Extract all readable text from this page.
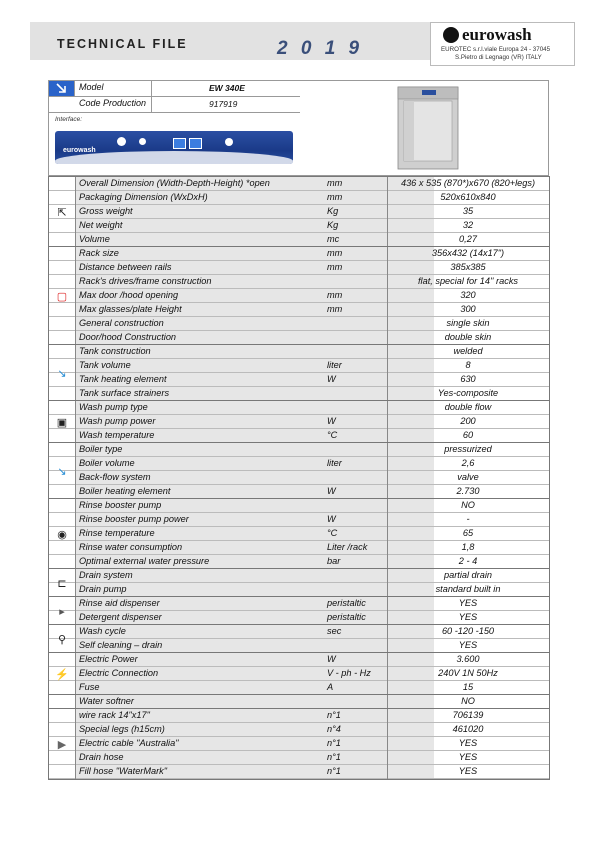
TECHNICAL FILE	2 0 1 9
eurowash
EUROTEC s.r.l.viale Europa 24 - 37045
S.Pietro di Legnago (VR) ITALY
Model	EW 340E
Code Production	917919
Interface:
eurowash
Overall Dimension (Width-Depth-Height) *open	mm	436 x 535 (870*)x670 (820+legs)
Packaging Dimension (WxDxH)	mm	520x610x840
Gross weight	Kg	35
Net weight	Kg	32
Volume	mc	0,27
Rack size	mm	356x432 (14x17")
Distance between rails	mm	385x385
Rack's drives/frame construction	flat, special for 14'' racks
Max door /hood opening	mm	320
Max glasses/plate Height	mm	300
General construction	single skin
Door/hood Construction	double skin
Tank construction	welded
Tank volume	liter	8
Tank heating element	W	630
Tank surface strainers	Yes-composite
Wash pump type	double flow
Wash pump power	W	200
Wash temperature	°C	60
Boiler type	pressurized
Boiler volume	liter	2,6
Back-flow system	valve
Boiler heating element	W	2.730
Rinse booster pump	NO
Rinse booster pump power	W	-
Rinse temperature	°C	65
Rinse water consumption	Liter /rack	1,8
Optimal external water pressure	bar	2 - 4
Drain system	partial drain
Drain pump	standard built in
Rinse aid dispenser	peristaltic	YES
Detergent dispenser	peristaltic	YES
Wash cycle	sec	60 -120 -150
Self cleaning – drain	YES
Electric Power	W	3.600
Electric Connection	V - ph - Hz	240V 1N 50Hz
Fuse	A	15
Water softner	NO
wire rack 14"x17"	n°1	706139
Special legs (h15cm)	n°4	461020
Electric cable "Australia"	n°1	YES
Drain hose	n°1	YES
Fill hose "WaterMark"	n°1	YES
⇱
▢
↘
▣
↘
◉
⊏
▸
⚲
⚡
▶
